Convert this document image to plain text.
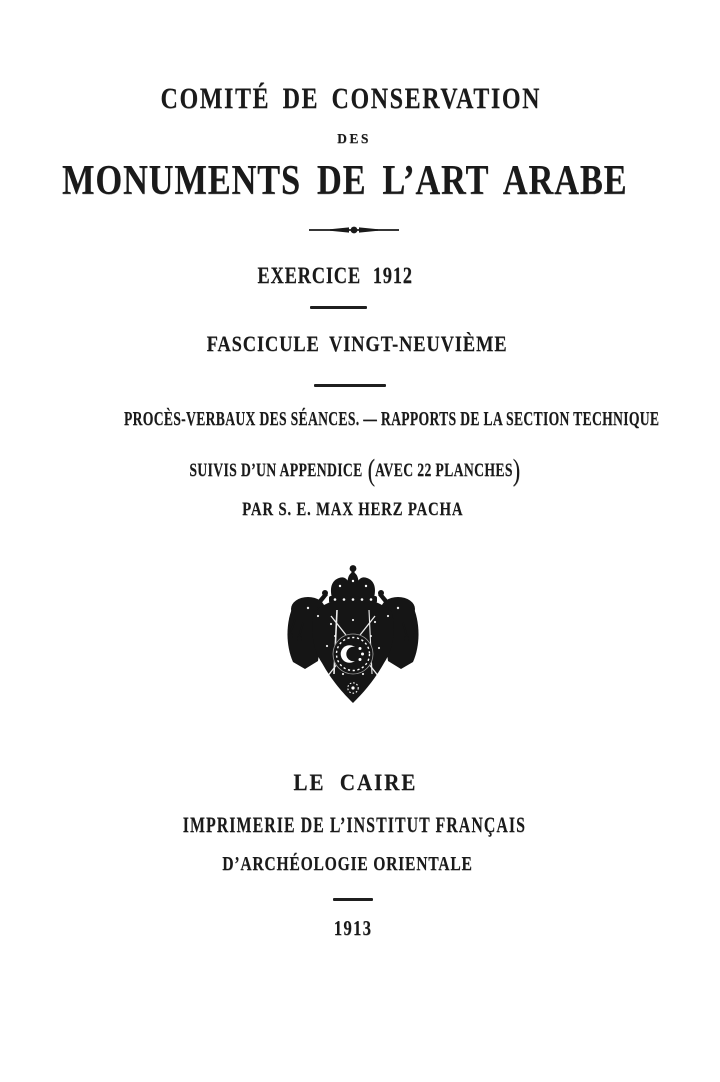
COMITÉ DE CONSERVATION
DES
MONUMENTS DE L’ART ARABE
EXERCICE 1912
FASCICULE VINGT-NEUVIÈME
PROCÈS-VERBAUX DES SÉANCES. — RAPPORTS DE LA SECTION TECHNIQUE
SUIVIS D’UN APPENDICE (AVEC 22 PLANCHES)
PAR S. E. MAX HERZ PACHA
LE CAIRE
IMPRIMERIE DE L’INSTITUT FRANÇAIS
D’ARCHÉOLOGIE ORIENTALE
1913
